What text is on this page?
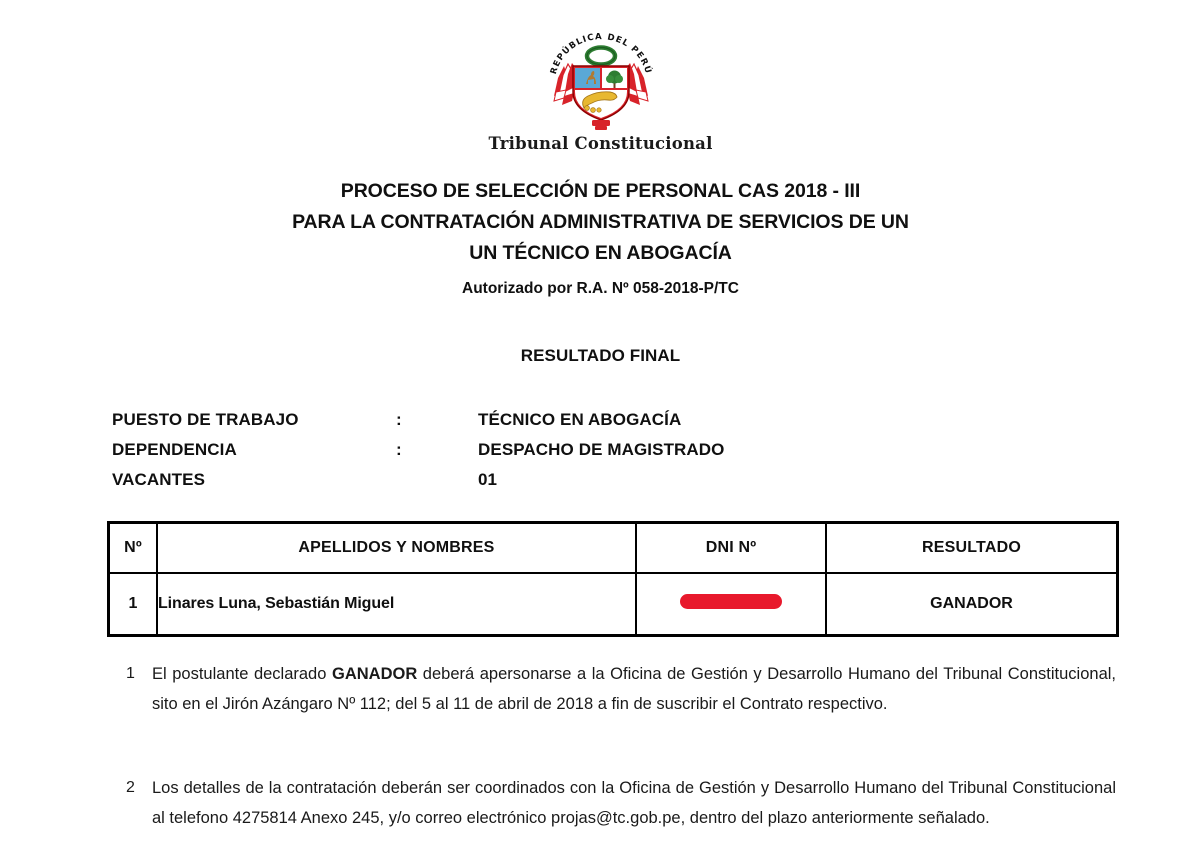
REPÚBLICA DEL PERÚ
Tribunal Constitucional
PROCESO DE SELECCIÓN DE PERSONAL CAS 2018 - III
PARA LA CONTRATACIÓN ADMINISTRATIVA DE SERVICIOS DE UN
UN TÉCNICO EN ABOGACÍA
Autorizado por R.A. Nº 058-2018-P/TC
RESULTADO FINAL
PUESTO DE TRABAJO	:	TÉCNICO EN ABOGACÍA
DEPENDENCIA	:	DESPACHO DE MAGISTRADO
VACANTES	01
Nº	APELLIDOS Y NOMBRES	DNI Nº	RESULTADO
1	Linares Luna, Sebastián Miguel		GANADOR
1 El postulante declarado GANADOR deberá apersonarse a la Oficina de Gestión y Desarrollo Humano del Tribunal Constitucional, sito en el Jirón Azángaro Nº 112; del 5 al 11 de abril de 2018 a fin de suscribir el Contrato respectivo.
2 Los detalles de la contratación deberán ser coordinados con la Oficina de Gestión y Desarrollo Humano del Tribunal Constitucional al telefono 4275814 Anexo 245, y/o correo electrónico projas@tc.gob.pe, dentro del plazo anteriormente señalado.
